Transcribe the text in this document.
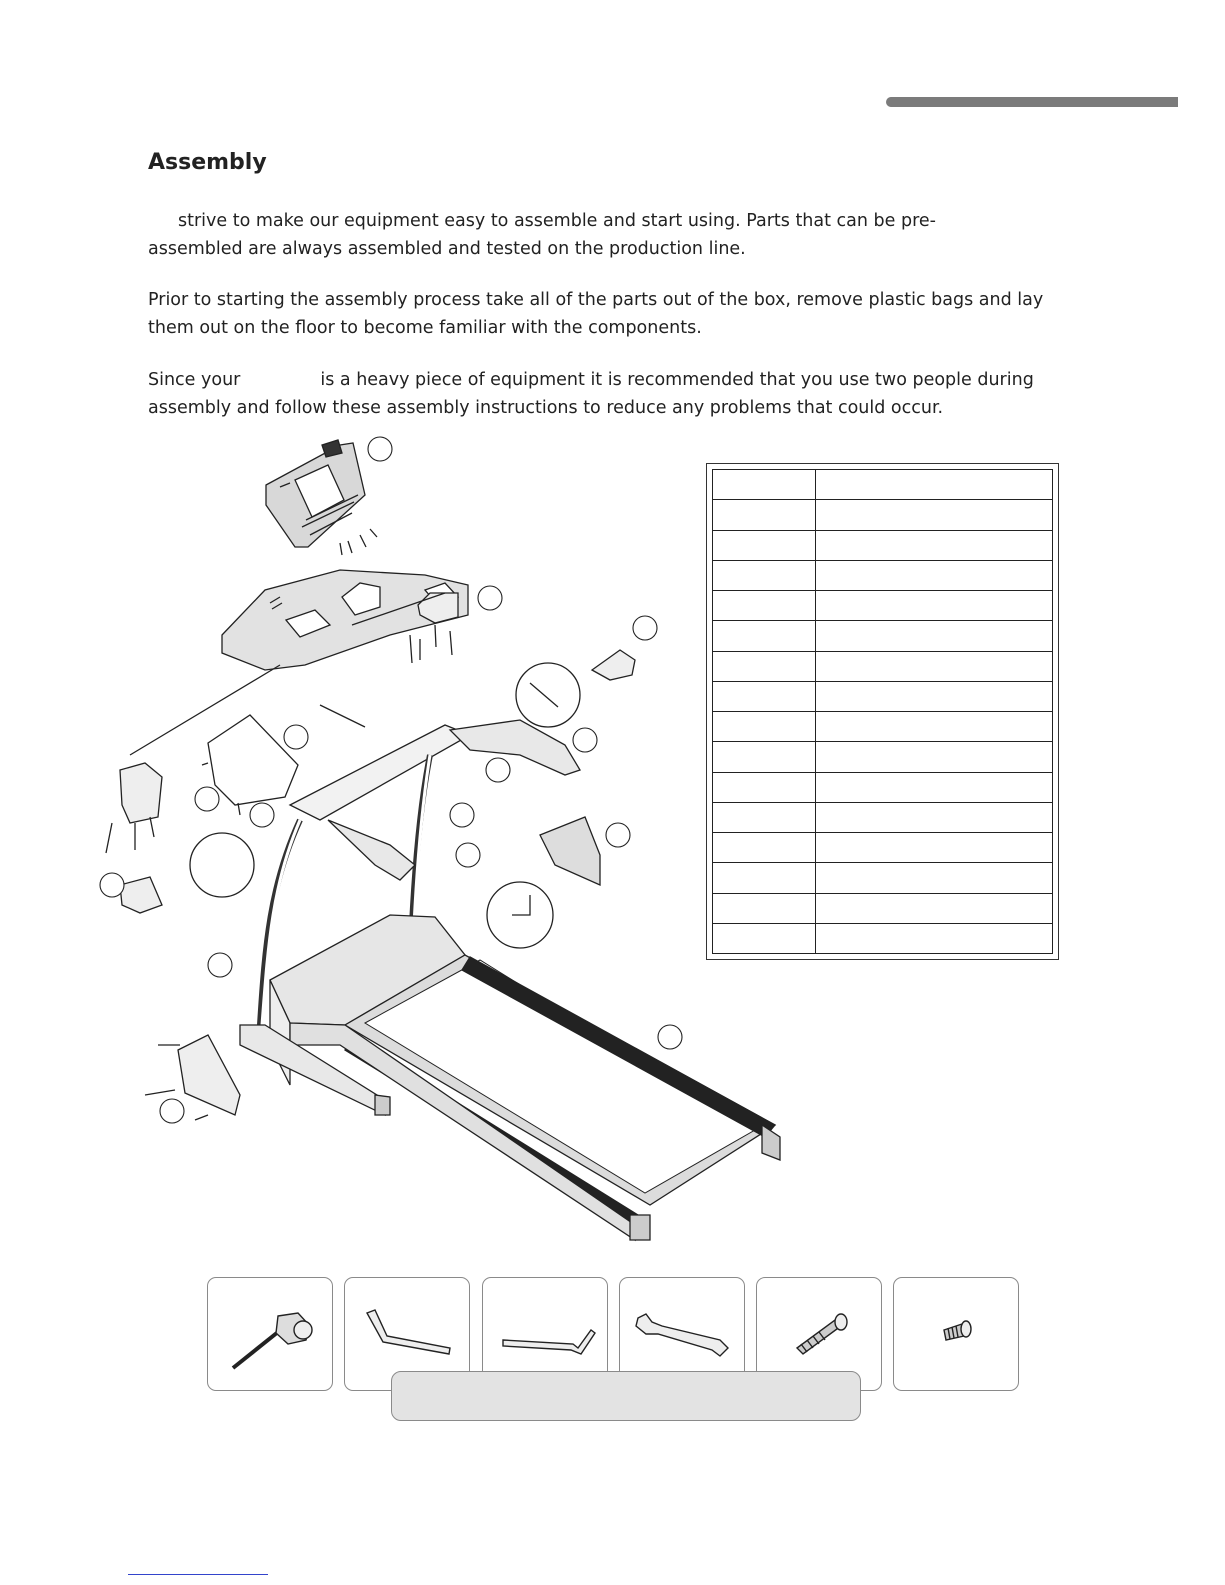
Assembly

strive to make our equipment easy to assemble and start using. Parts that can be pre-
assembled are always assembled and tested on the production line.

Prior to starting the assembly process take all of the parts out of the box, remove plastic bags and lay them out on the floor to become familiar with the components.

Since your	is a heavy piece of equipment it is recommended that you use two people during assembly and follow these assembly instructions to reduce any problems that could occur.
